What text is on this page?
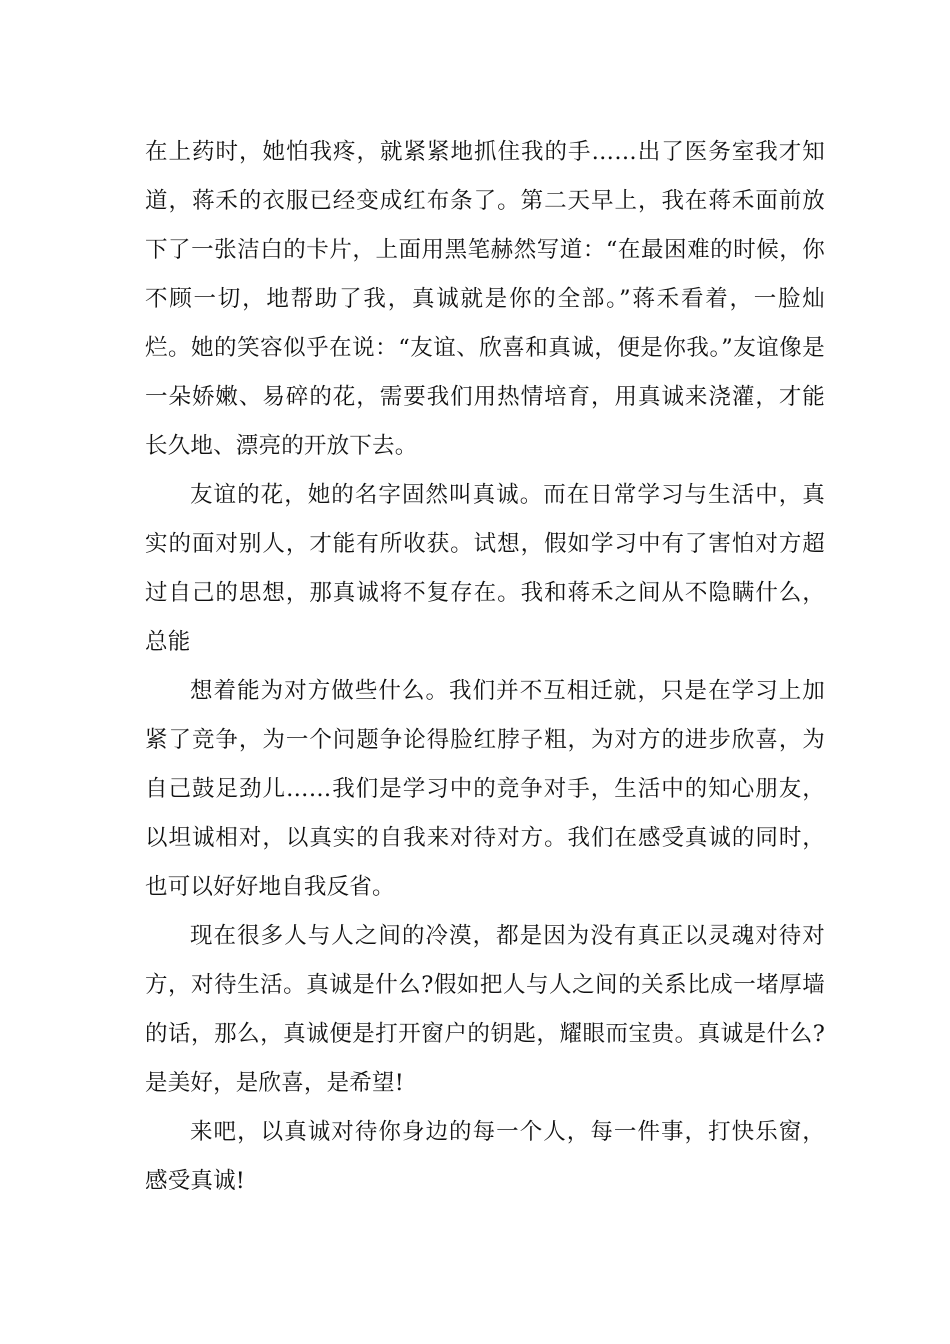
在上药时，她怕我疼，就紧紧地抓住我的手……出了医务室我才知道，蒋禾的衣服已经变成红布条了。第二天早上，我在蒋禾面前放下了一张洁白的卡片，上面用黑笔赫然写道：“在最困难的时候，你不顾一切，地帮助了我，真诚就是你的全部。”蒋禾看着，一脸灿烂。她的笑容似乎在说：“友谊、欣喜和真诚，便是你我。”友谊像是一朵娇嫩、易碎的花，需要我们用热情培育，用真诚来浇灌，才能长久地、漂亮的开放下去。

友谊的花，她的名字固然叫真诚。而在日常学习与生活中，真实的面对别人，才能有所收获。试想，假如学习中有了害怕对方超过自己的思想，那真诚将不复存在。我和蒋禾之间从不隐瞒什么，总能

想着能为对方做些什么。我们并不互相迁就，只是在学习上加紧了竞争，为一个问题争论得脸红脖子粗，为对方的进步欣喜，为自己鼓足劲儿……我们是学习中的竞争对手，生活中的知心朋友，以坦诚相对，以真实的自我来对待对方。我们在感受真诚的同时，也可以好好地自我反省。

现在很多人与人之间的冷漠，都是因为没有真正以灵魂对待对方，对待生活。真诚是什么?假如把人与人之间的关系比成一堵厚墙的话，那么，真诚便是打开窗户的钥匙，耀眼而宝贵。真诚是什么?是美好，是欣喜，是希望!

来吧，以真诚对待你身边的每一个人，每一件事，打快乐窗，感受真诚!
